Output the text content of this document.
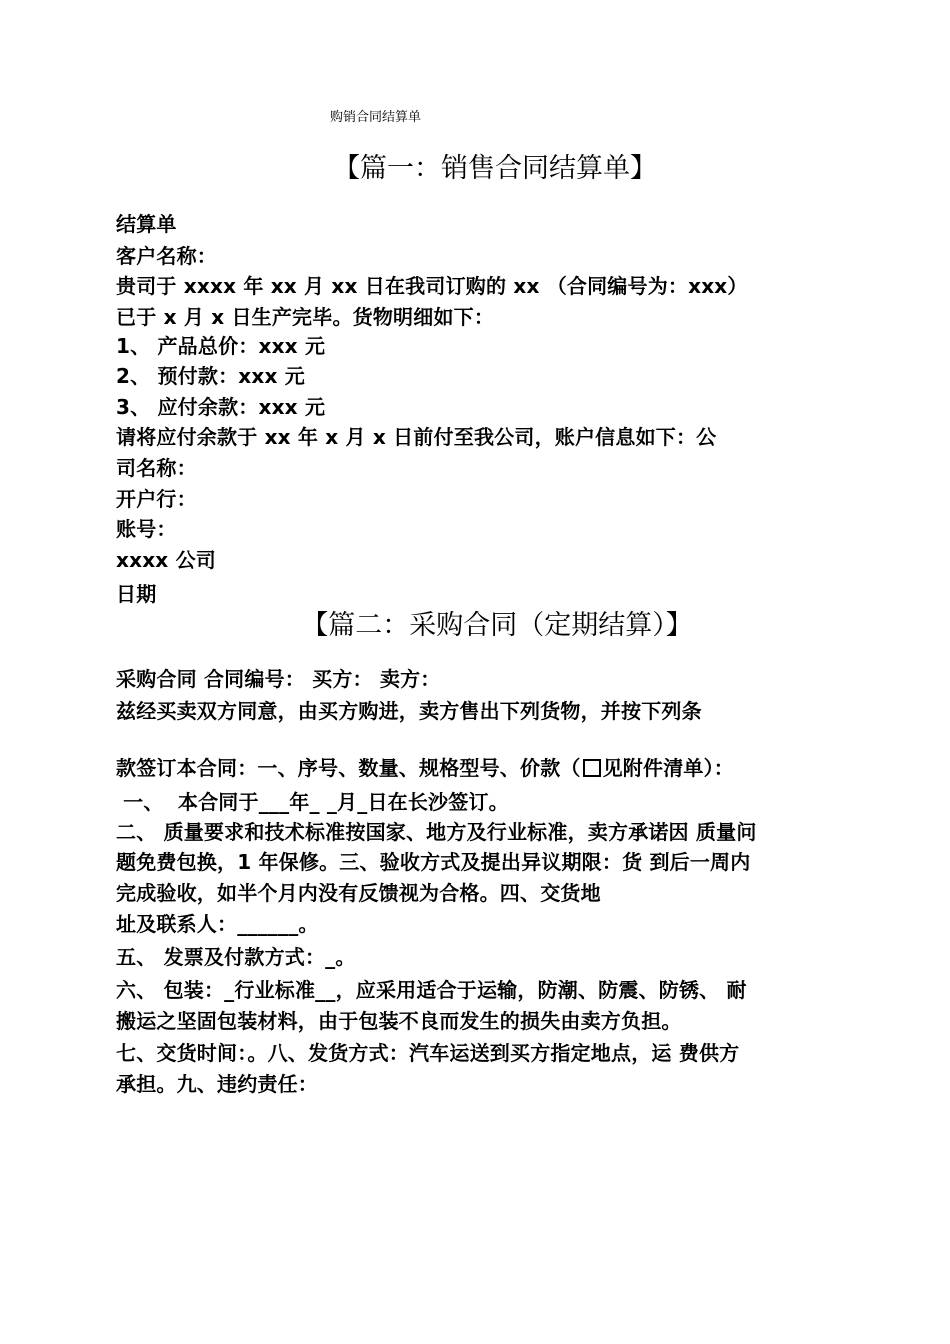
购销合同结算单
【篇一：销售合同结算单】
结算单
客户名称：
贵司于 xxxx 年 xx 月 xx 日在我司订购的 xx （合同编号为：xxx）
已于 x 月 x 日生产完毕。货物明细如下：
1、 产品总价：xxx 元
2、 预付款：xxx 元
3、 应付余款：xxx 元
请将应付余款于 xx 年 x 月 x 日前付至我公司，账户信息如下：公
司名称：
开户行：
账号：
xxxx 公司
日期
【篇二：采购合同（定期结算）】
采购合同 合同编号： 买方： 卖方：
兹经买卖双方同意，由买方购进，卖方售出下列货物，并按下列条
款签订本合同：一、序号、数量、规格型号、价款（ 见附件清单）：
一、  本合同于___年_ _月_日在长沙签订。
二、 质量要求和技术标准按国家、地方及行业标准，卖方承诺因 质量问
题免费包换，1 年保修。三、验收方式及提出异议期限：货 到后一周内
完成验收，如半个月内没有反馈视为合格。四、交货地
址及联系人：______。
五、 发票及付款方式：_。
六、 包装：_行业标准__，应采用适合于运输，防潮、防震、防锈、 耐
搬运之坚固包装材料，由于包装不良而发生的损失由卖方负担。
七、交货时间：。八、发货方式：汽车运送到买方指定地点，运 费供方
承担。九、违约责任：
